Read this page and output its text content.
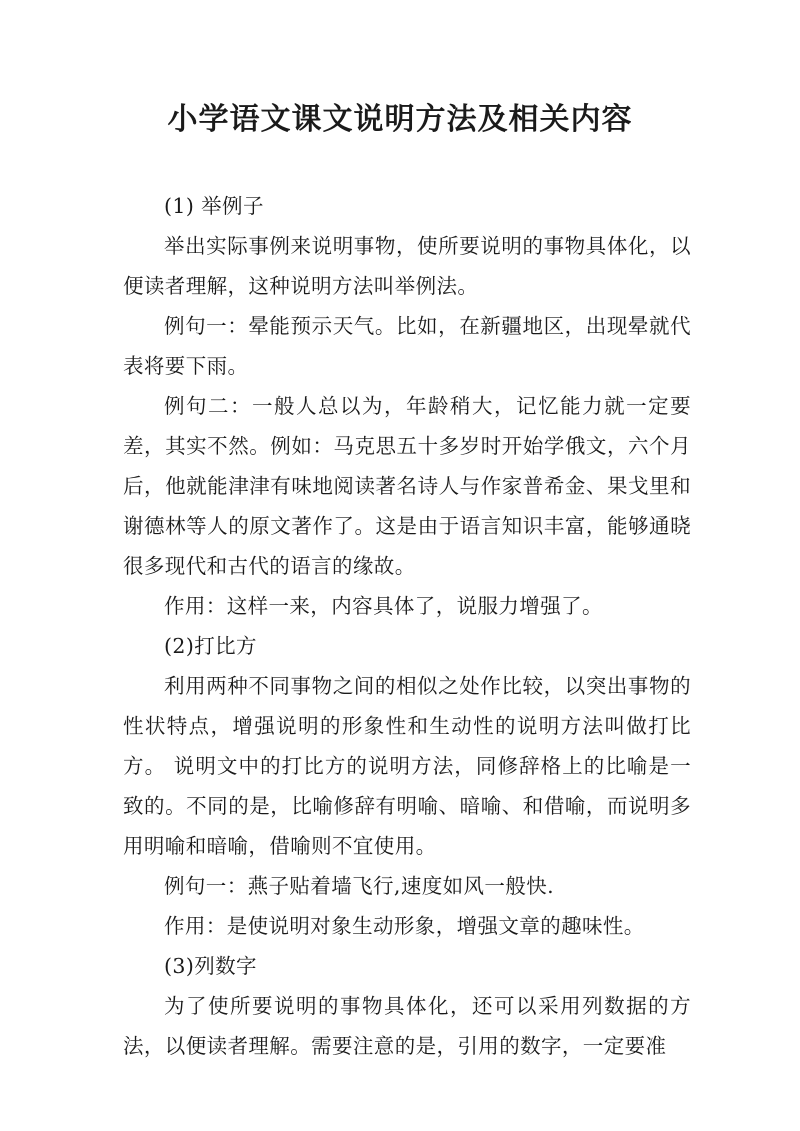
小学语文课文说明方法及相关内容

(1) 举例子

举出实际事例来说明事物，使所要说明的事物具体化，以便读者理解，这种说明方法叫举例法。

例句一：晕能预示天气。比如，在新疆地区，出现晕就代表将要下雨。

例句二：一般人总以为，年龄稍大，记忆能力就一定要差，其实不然。例如：马克思五十多岁时开始学俄文，六个月后，他就能津津有味地阅读著名诗人与作家普希金、果戈里和谢德林等人的原文著作了。这是由于语言知识丰富，能够通晓很多现代和古代的语言的缘故。

作用：这样一来，内容具体了，说服力增强了。

(2)打比方

利用两种不同事物之间的相似之处作比较，以突出事物的性状特点，增强说明的形象性和生动性的说明方法叫做打比方。 说明文中的打比方的说明方法，同修辞格上的比喻是一致的。不同的是，比喻修辞有明喻、暗喻、和借喻，而说明多用明喻和暗喻，借喻则不宜使用。

例句一：燕子贴着墙飞行,速度如风一般快.

作用：是使说明对象生动形象，增强文章的趣味性。

(3)列数字

为了使所要说明的事物具体化，还可以采用列数据的方法，以便读者理解。需要注意的是，引用的数字，一定要准
